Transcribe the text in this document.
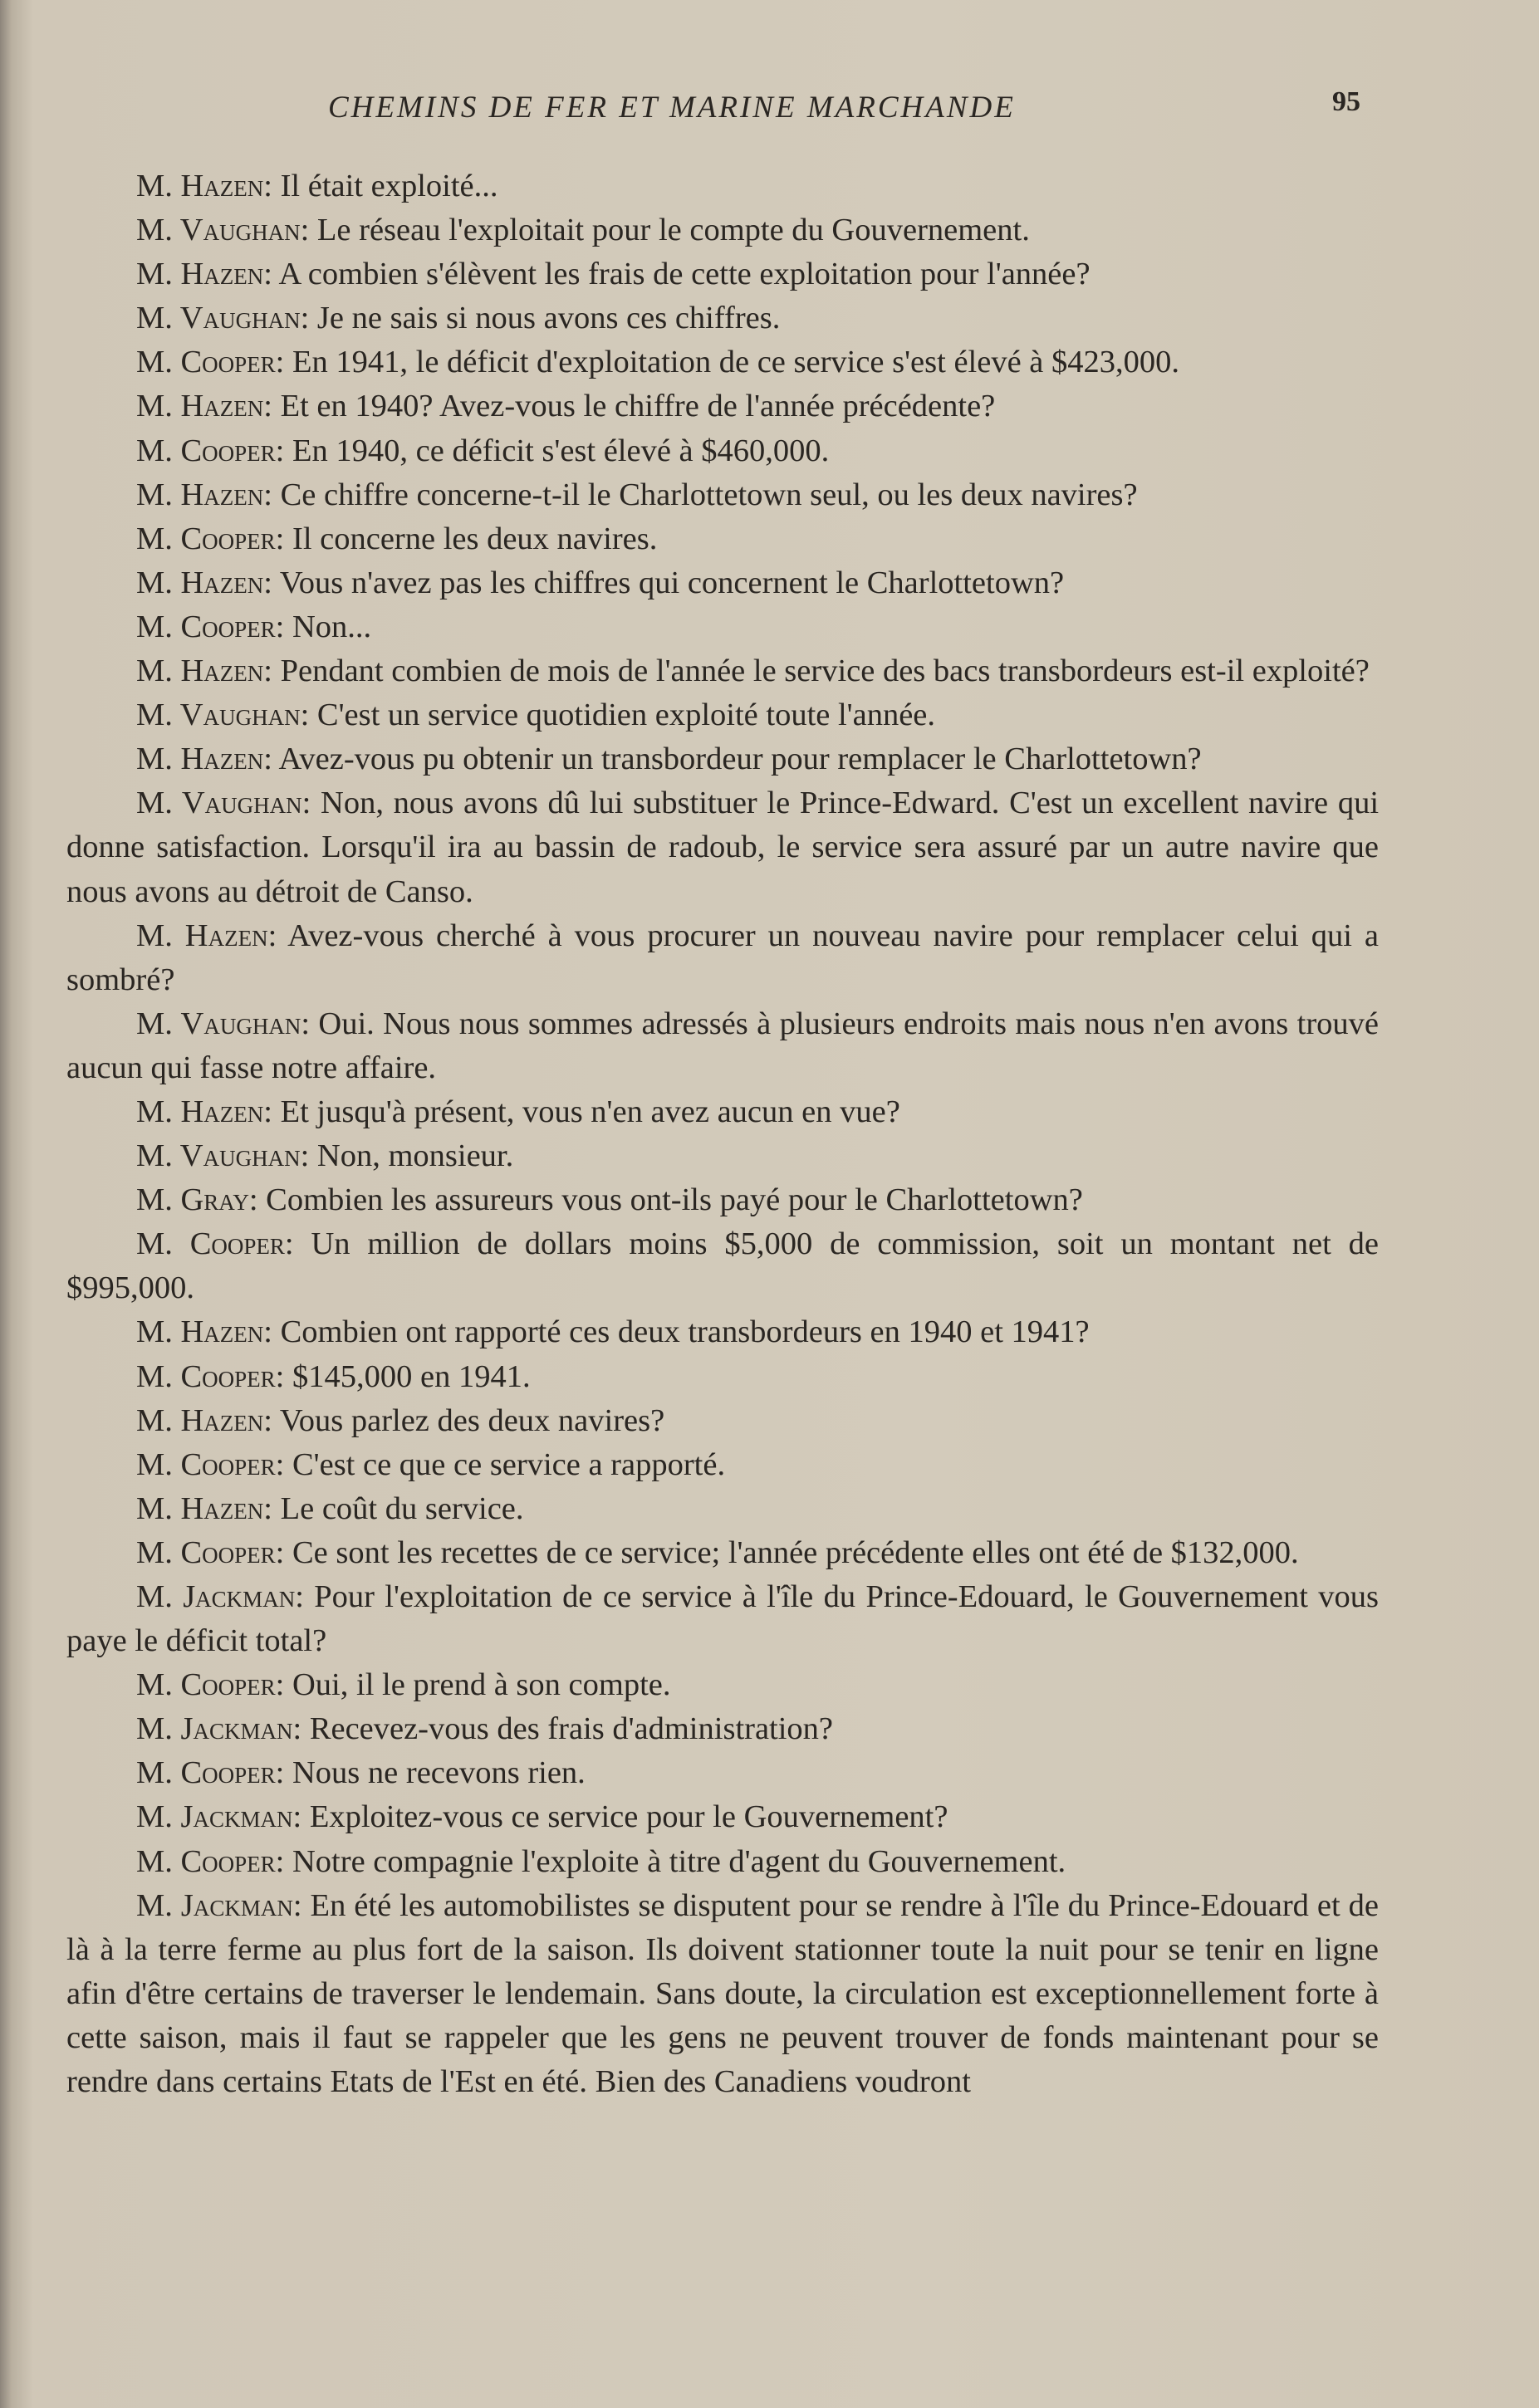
CHEMINS DE FER ET MARINE MARCHANDE	95

M. Hazen: Il était exploité...

M. Vaughan: Le réseau l'exploitait pour le compte du Gouvernement.

M. Hazen: A combien s'élèvent les frais de cette exploitation pour l'année?

M. Vaughan: Je ne sais si nous avons ces chiffres.

M. Cooper: En 1941, le déficit d'exploitation de ce service s'est élevé à $423,000.

M. Hazen: Et en 1940? Avez-vous le chiffre de l'année précédente?

M. Cooper: En 1940, ce déficit s'est élevé à $460,000.

M. Hazen: Ce chiffre concerne-t-il le Charlottetown seul, ou les deux navires?

M. Cooper: Il concerne les deux navires.

M. Hazen: Vous n'avez pas les chiffres qui concernent le Charlottetown?

M. Cooper: Non...

M. Hazen: Pendant combien de mois de l'année le service des bacs transbordeurs est-il exploité?

M. Vaughan: C'est un service quotidien exploité toute l'année.

M. Hazen: Avez-vous pu obtenir un transbordeur pour remplacer le Charlottetown?

M. Vaughan: Non, nous avons dû lui substituer le Prince-Edward. C'est un excellent navire qui donne satisfaction. Lorsqu'il ira au bassin de radoub, le service sera assuré par un autre navire que nous avons au détroit de Canso.

M. Hazen: Avez-vous cherché à vous procurer un nouveau navire pour remplacer celui qui a sombré?

M. Vaughan: Oui. Nous nous sommes adressés à plusieurs endroits mais nous n'en avons trouvé aucun qui fasse notre affaire.

M. Hazen: Et jusqu'à présent, vous n'en avez aucun en vue?

M. Vaughan: Non, monsieur.

M. Gray: Combien les assureurs vous ont-ils payé pour le Charlottetown?

M. Cooper: Un million de dollars moins $5,000 de commission, soit un montant net de $995,000.

M. Hazen: Combien ont rapporté ces deux transbordeurs en 1940 et 1941?

M. Cooper: $145,000 en 1941.

M. Hazen: Vous parlez des deux navires?

M. Cooper: C'est ce que ce service a rapporté.

M. Hazen: Le coût du service.

M. Cooper: Ce sont les recettes de ce service; l'année précédente elles ont été de $132,000.

M. Jackman: Pour l'exploitation de ce service à l'île du Prince-Edouard, le Gouvernement vous paye le déficit total?

M. Cooper: Oui, il le prend à son compte.

M. Jackman: Recevez-vous des frais d'administration?

M. Cooper: Nous ne recevons rien.

M. Jackman: Exploitez-vous ce service pour le Gouvernement?

M. Cooper: Notre compagnie l'exploite à titre d'agent du Gouvernement.

M. Jackman: En été les automobilistes se disputent pour se rendre à l'île du Prince-Edouard et de là à la terre ferme au plus fort de la saison. Ils doivent stationner toute la nuit pour se tenir en ligne afin d'être certains de traverser le lendemain. Sans doute, la circulation est exceptionnellement forte à cette saison, mais il faut se rappeler que les gens ne peuvent trouver de fonds maintenant pour se rendre dans certains Etats de l'Est en été. Bien des Canadiens voudront
